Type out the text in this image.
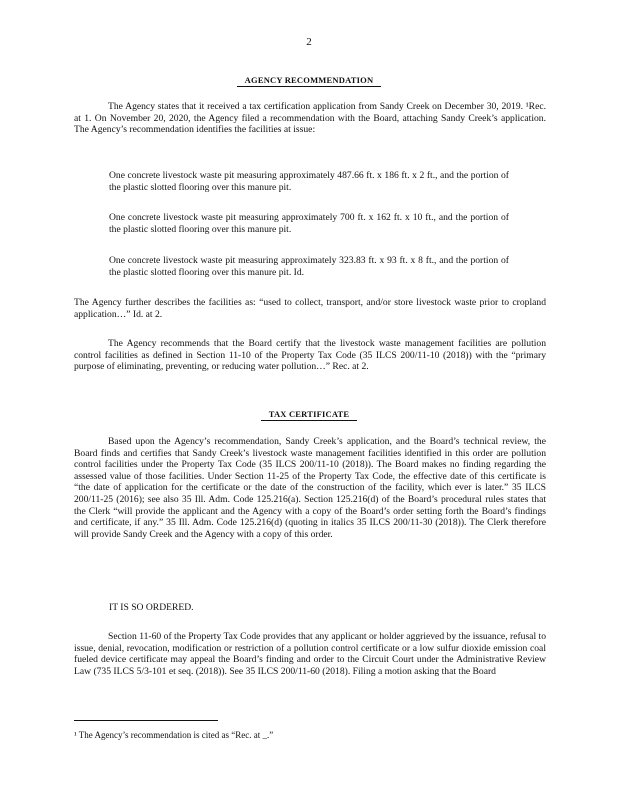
2
AGENCY RECOMMENDATION
The Agency states that it received a tax certification application from Sandy Creek on December 30, 2019. ¹Rec. at 1. On November 20, 2020, the Agency filed a recommendation with the Board, attaching Sandy Creek’s application. The Agency’s recommendation identifies the facilities at issue:
One concrete livestock waste pit measuring approximately 487.66 ft. x 186 ft. x 2 ft., and the portion of the plastic slotted flooring over this manure pit.
One concrete livestock waste pit measuring approximately 700 ft. x 162 ft. x 10 ft., and the portion of the plastic slotted flooring over this manure pit.
One concrete livestock waste pit measuring approximately 323.83 ft. x 93 ft. x 8 ft., and the portion of the plastic slotted flooring over this manure pit. Id.
The Agency further describes the facilities as: “used to collect, transport, and/or store livestock waste prior to cropland application…” Id. at 2.
The Agency recommends that the Board certify that the livestock waste management facilities are pollution control facilities as defined in Section 11-10 of the Property Tax Code (35 ILCS 200/11-10 (2018)) with the “primary purpose of eliminating, preventing, or reducing water pollution…” Rec. at 2.
TAX CERTIFICATE
Based upon the Agency’s recommendation, Sandy Creek’s application, and the Board’s technical review, the Board finds and certifies that Sandy Creek’s livestock waste management facilities identified in this order are pollution control facilities under the Property Tax Code (35 ILCS 200/11-10 (2018)). The Board makes no finding regarding the assessed value of those facilities. Under Section 11-25 of the Property Tax Code, the effective date of this certificate is “the date of application for the certificate or the date of the construction of the facility, which ever is later.” 35 ILCS 200/11-25 (2016); see also 35 Ill. Adm. Code 125.216(a). Section 125.216(d) of the Board’s procedural rules states that the Clerk “will provide the applicant and the Agency with a copy of the Board’s order setting forth the Board’s findings and certificate, if any.” 35 Ill. Adm. Code 125.216(d) (quoting in italics 35 ILCS 200/11-30 (2018)). The Clerk therefore will provide Sandy Creek and the Agency with a copy of this order.
IT IS SO ORDERED.
Section 11-60 of the Property Tax Code provides that any applicant or holder aggrieved by the issuance, refusal to issue, denial, revocation, modification or restriction of a pollution control certificate or a low sulfur dioxide emission coal fueled device certificate may appeal the Board’s finding and order to the Circuit Court under the Administrative Review Law (735 ILCS 5/3-101 et seq. (2018)). See 35 ILCS 200/11-60 (2018). Filing a motion asking that the Board
¹ The Agency’s recommendation is cited as “Rec. at _.”
